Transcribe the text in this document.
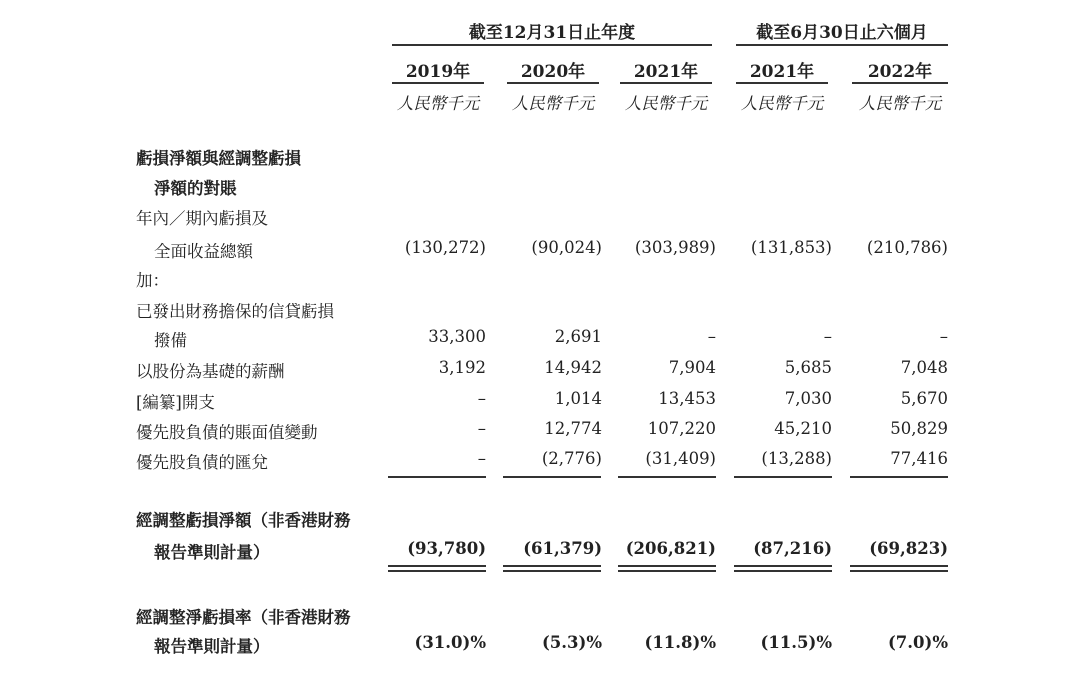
截至12月31日止年度	截至6月30日止六個月
2019年	2020年	2021年	2021年	2022年
人民幣千元	人民幣千元	人民幣千元	人民幣千元	人民幣千元
虧損淨額與經調整虧損
淨額的對賬
年內／期內虧損及
全面收益總額	(130,272)	(90,024) (303,989) (131,853) (210,786)
加：
已發出財務擔保的信貸虧損
撥備	33,300	2,691	–	–	–
以股份為基礎的薪酬	3,192	14,942	7,904	5,685	7,048
[編纂]開支	–	1,014	13,453	7,030	5,670
優先股負債的賬面值變動	–	12,774	107,220	45,210	50,829
優先股負債的匯兌	–	(2,776)	(31,409)	(13,288)	77,416
經調整虧損淨額（非香港財務
報告準則計量）	(93,780) (61,379) (206,821) (87,216) (69,823)
經調整淨虧損率（非香港財務
報告準則計量）	(31.0)%	(5.3)%	(11.8)%	(11.5)%	(7.0)%
